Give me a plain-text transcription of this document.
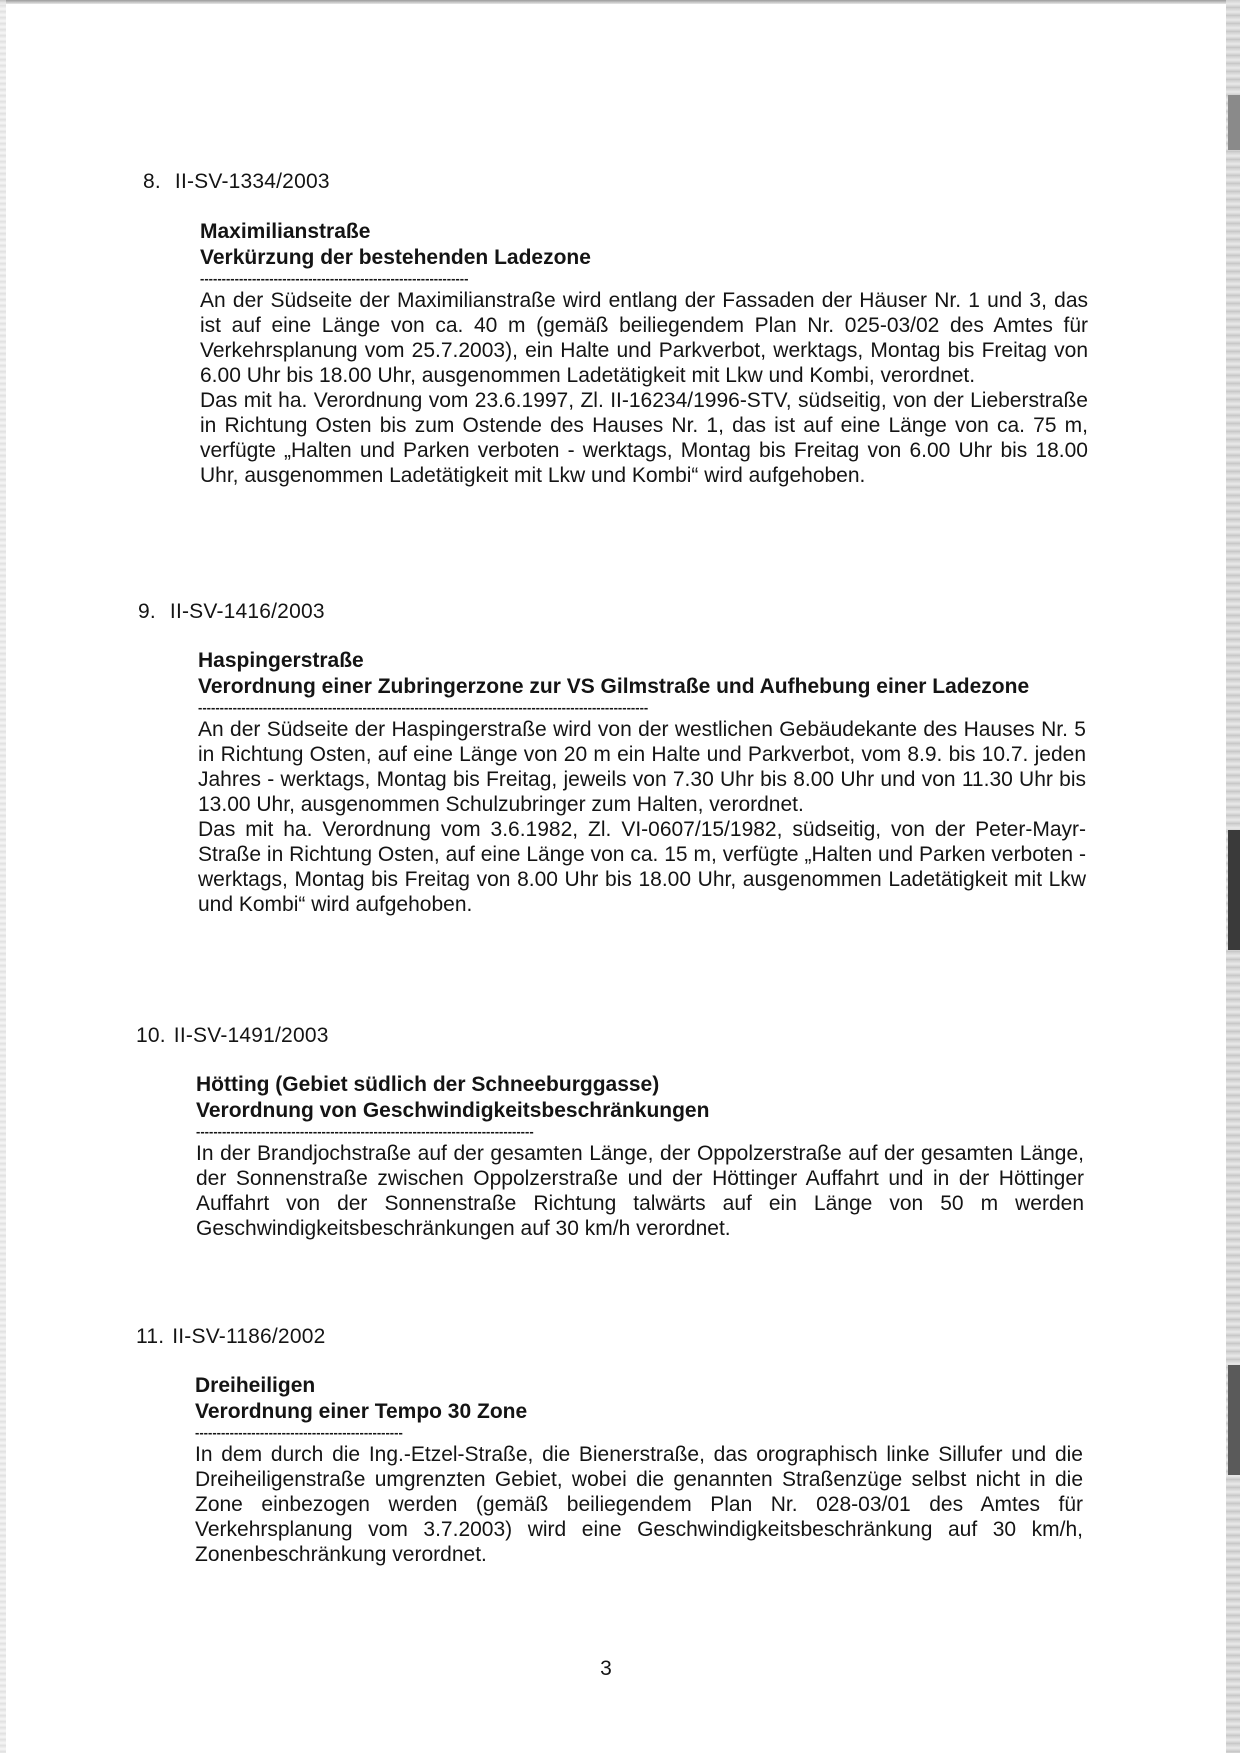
8. II-SV-1334/2003
Maximilianstraße
Verkürzung der bestehenden Ladezone
--------------------------------------------------------------

An der Südseite der Maximilianstraße wird entlang der Fassaden der Häuser Nr. 1 und 3, das ist auf eine Länge von ca. 40 m (gemäß beiliegendem Plan Nr. 025-03/02 des Amtes für Verkehrsplanung vom 25.7.2003), ein Halte und Parkverbot, werktags, Montag bis Freitag von 6.00 Uhr bis 18.00 Uhr, ausgenommen Ladetätigkeit mit Lkw und Kombi, verordnet.

Das mit ha. Verordnung vom 23.6.1997, Zl. II-16234/1996-STV, südseitig, von der Lieberstraße in Richtung Osten bis zum Ostende des Hauses Nr. 1, das ist auf eine Länge von ca. 75 m, verfügte „Halten und Parken verboten - werktags, Montag bis Freitag von 6.00 Uhr bis 18.00 Uhr, ausgenommen Ladetätigkeit mit Lkw und Kombi“ wird aufgehoben.

9. II-SV-1416/2003
Haspingerstraße
Verordnung einer Zubringerzone zur VS Gilmstraße und Aufhebung einer Ladezone
--------------------------------------------------------------------------------------------------------

An der Südseite der Haspingerstraße wird von der westlichen Gebäudekante des Hauses Nr. 5 in Richtung Osten, auf eine Länge von 20 m ein Halte und Parkverbot, vom 8.9. bis 10.7. jeden Jahres - werktags, Montag bis Freitag, jeweils von 7.30 Uhr bis 8.00 Uhr und von 11.30 Uhr bis 13.00 Uhr, ausgenommen Schulzubringer zum Halten, verordnet.

Das mit ha. Verordnung vom 3.6.1982, Zl. VI-0607/15/1982, südseitig, von der Peter-Mayr-Straße in Richtung Osten, auf eine Länge von ca. 15 m, verfügte „Halten und Parken verboten - werktags, Montag bis Freitag von 8.00 Uhr bis 18.00 Uhr, ausgenommen Ladetätigkeit mit Lkw und Kombi“ wird aufgehoben.

10. II-SV-1491/2003
Hötting (Gebiet südlich der Schneeburggasse)
Verordnung von Geschwindigkeitsbeschränkungen
------------------------------------------------------------------------------

In der Brandjochstraße auf der gesamten Länge, der Oppolzerstraße auf der gesamten Länge, der Sonnenstraße zwischen Oppolzerstraße und der Höttinger Auffahrt und in der Höttinger Auffahrt von der Sonnenstraße Richtung talwärts auf ein Länge von 50 m werden Geschwindigkeitsbeschränkungen auf 30 km/h verordnet.

11. II-SV-1186/2002
Dreiheiligen
Verordnung einer Tempo 30 Zone
------------------------------------------------

In dem durch die Ing.-Etzel-Straße, die Bienerstraße, das orographisch linke Sillufer und die Dreiheiligenstraße umgrenzten Gebiet, wobei die genannten Straßenzüge selbst nicht in die Zone einbezogen werden (gemäß beiliegendem Plan Nr. 028-03/01 des Amtes für Verkehrsplanung vom 3.7.2003) wird eine Geschwindigkeitsbeschränkung auf 30 km/h, Zonenbeschränkung verordnet.

3
